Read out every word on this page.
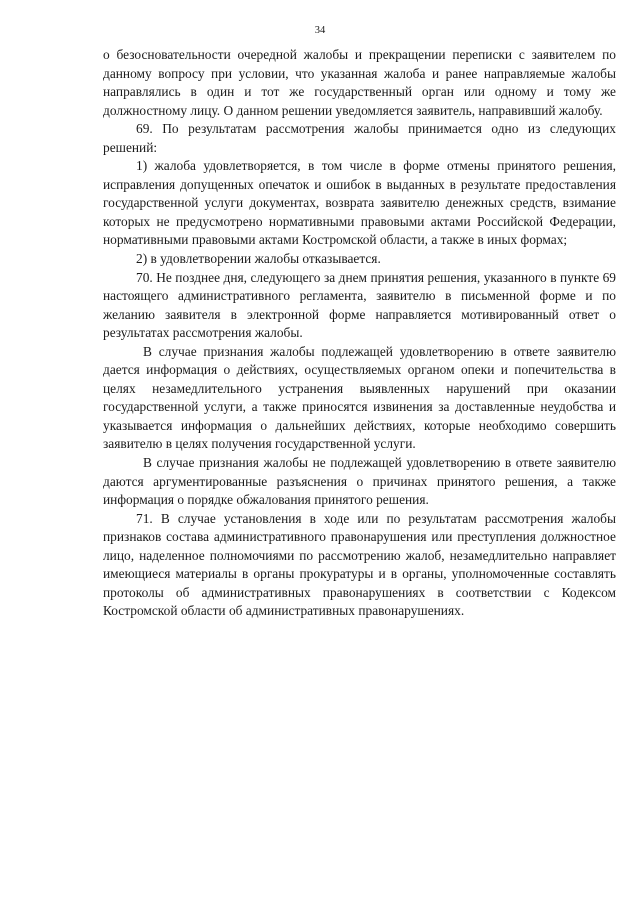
34

о безосновательности очередной жалобы и прекращении переписки с заявителем по данному вопросу при условии, что указанная жалоба и ранее направляемые жалобы направлялись в один и тот же государственный орган или одному и тому же должностному лицу. О данном решении уведомляется заявитель, направивший жалобу.

69. По результатам рассмотрения жалобы принимается одно из следующих решений:

1) жалоба удовлетворяется, в том числе в форме отмены принятого решения, исправления допущенных опечаток и ошибок в выданных в результате предоставления государственной услуги документах, возврата заявителю денежных средств, взимание которых не предусмотрено нормативными правовыми актами Российской Федерации, нормативными правовыми актами Костромской области, а также в иных формах;

2) в удовлетворении жалобы отказывается.

70. Не позднее дня, следующего за днем принятия решения, указанного в пункте 69 настоящего административного регламента, заявителю в письменной форме и по желанию заявителя в электронной форме направляется мотивированный ответ о результатах рассмотрения жалобы.

В случае признания жалобы подлежащей удовлетворению в ответе заявителю дается информация о действиях, осуществляемых органом опеки и попечительства в целях незамедлительного устранения выявленных нарушений при оказании государственной услуги, а также приносятся извинения за доставленные неудобства и указывается информация о дальнейших действиях, которые необходимо совершить заявителю в целях получения государственной услуги.

В случае признания жалобы не подлежащей удовлетворению в ответе заявителю даются аргументированные разъяснения о причинах принятого решения, а также информация о порядке обжалования принятого решения.

71. В случае установления в ходе или по результатам рассмотрения жалобы признаков состава административного правонарушения или преступления должностное лицо, наделенное полномочиями по рассмотрению жалоб, незамедлительно направляет имеющиеся материалы в органы прокуратуры и в органы, уполномоченные составлять протоколы об административных правонарушениях в соответствии с Кодексом Костромской области об административных правонарушениях.
